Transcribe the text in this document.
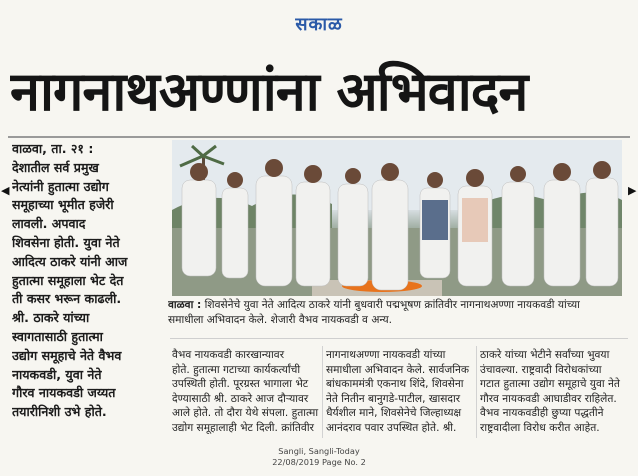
सकाळ
नागनाथअण्णांना अभिवादन
◀	▶
वाळवा, ता. २१ :
देशातील सर्व प्रमुख
नेत्यांनी हुतात्मा उद्योग
समूहाच्या भूमीत हजेरी
लावली. अपवाद
शिवसेना होती. युवा नेते
आदित्य ठाकरे यांनी आज
हुतात्मा समूहाला भेट देत
ती कसर भरून काढली.
श्री. ठाकरे यांच्या
स्वागतासाठी हुतात्मा
उद्योग समूहाचे नेते वैभव
नायकवडी, युवा नेते
गौरव नायकवडी जय्यत
तयारीनिशी उभे होते.
वाळवा : शिवसेनेचे युवा नेते आदित्य ठाकरे यांनी बुधवारी पद्मभूषण क्रांतिवीर नागनाथअण्णा नायकवडी यांच्या
समाधीला अभिवादन केले. शेजारी वैभव नायकवडी व अन्य.
वैभव नायकवडी कारखान्यावर
होते. हुतात्मा गटाच्या कार्यकर्त्यांची
उपस्थिती होती. पूरग्रस्त भागाला भेट
देण्यासाठी श्री. ठाकरे आज दौऱ्यावर
आले होते. तो दौरा येथे संपला. हुतात्मा
उद्योग समूहालाही भेट दिली. क्रांतिवीर
नागनाथअण्णा नायकवडी यांच्या
समाधीला अभिवादन केले. सार्वजनिक
बांधकाममंत्री एकनाथ शिंदे, शिवसेना
नेते नितीन बानुगडे-पाटील, खासदार
धैर्यशील माने, शिवसेनेचे जिल्हाध्यक्ष
आनंदराव पवार उपस्थित होते. श्री.
ठाकरे यांच्या भेटीने सर्वांच्या भुवया
उंचावल्या. राष्ट्रवादी विरोधकांच्या
गटात हुतात्मा उद्योग समूहाचे युवा नेते
गौरव नायकवडी आघाडीवर राहिलेत.
वैभव नायकवडीही छुप्या पद्धतीने
राष्ट्रवादीला विरोध करीत आहेत.
Sangli, Sangli-Today
22/08/2019 Page No. 2
